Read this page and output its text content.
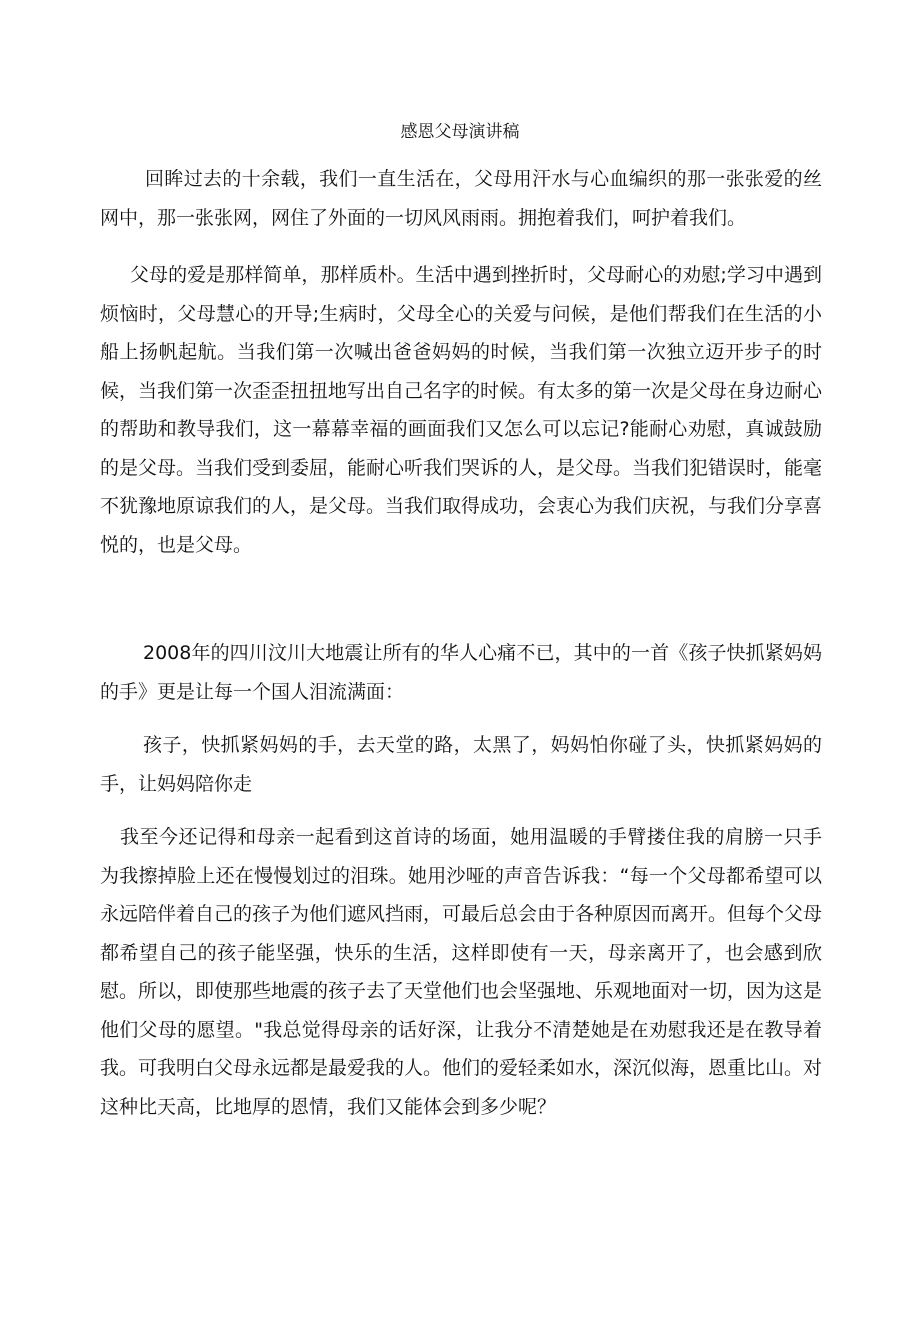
感恩父母演讲稿

回眸过去的十余载，我们一直生活在，父母用汗水与心血编织的那一张张爱的丝网中，那一张张网，网住了外面的一切风风雨雨。拥抱着我们，呵护着我们。

父母的爱是那样简单，那样质朴。生活中遇到挫折时，父母耐心的劝慰;学习中遇到烦恼时，父母慧心的开导;生病时，父母全心的关爱与问候，是他们帮我们在生活的小船上扬帆起航。当我们第一次喊出爸爸妈妈的时候，当我们第一次独立迈开步子的时候，当我们第一次歪歪扭扭地写出自己名字的时候。有太多的第一次是父母在身边耐心的帮助和教导我们，这一幕幕幸福的画面我们又怎么可以忘记?能耐心劝慰，真诚鼓励的是父母。当我们受到委屈，能耐心听我们哭诉的人，是父母。当我们犯错误时，能毫不犹豫地原谅我们的人，是父母。当我们取得成功，会衷心为我们庆祝，与我们分享喜悦的，也是父母。

2008年的四川汶川大地震让所有的华人心痛不已，其中的一首《孩子快抓紧妈妈的手》更是让每一个国人泪流满面：

孩子，快抓紧妈妈的手，去天堂的路，太黑了，妈妈怕你碰了头，快抓紧妈妈的手，让妈妈陪你走

我至今还记得和母亲一起看到这首诗的场面，她用温暖的手臂搂住我的肩膀一只手为我擦掉脸上还在慢慢划过的泪珠。她用沙哑的声音告诉我：“每一个父母都希望可以永远陪伴着自己的孩子为他们遮风挡雨，可最后总会由于各种原因而离开。但每个父母都希望自己的孩子能坚强，快乐的生活，这样即使有一天，母亲离开了，也会感到欣慰。所以，即使那些地震的孩子去了天堂他们也会坚强地、乐观地面对一切，因为这是他们父母的愿望。"我总觉得母亲的话好深，让我分不清楚她是在劝慰我还是在教导着我。可我明白父母永远都是最爱我的人。他们的爱轻柔如水，深沉似海，恩重比山。对这种比天高，比地厚的恩情，我们又能体会到多少呢？
